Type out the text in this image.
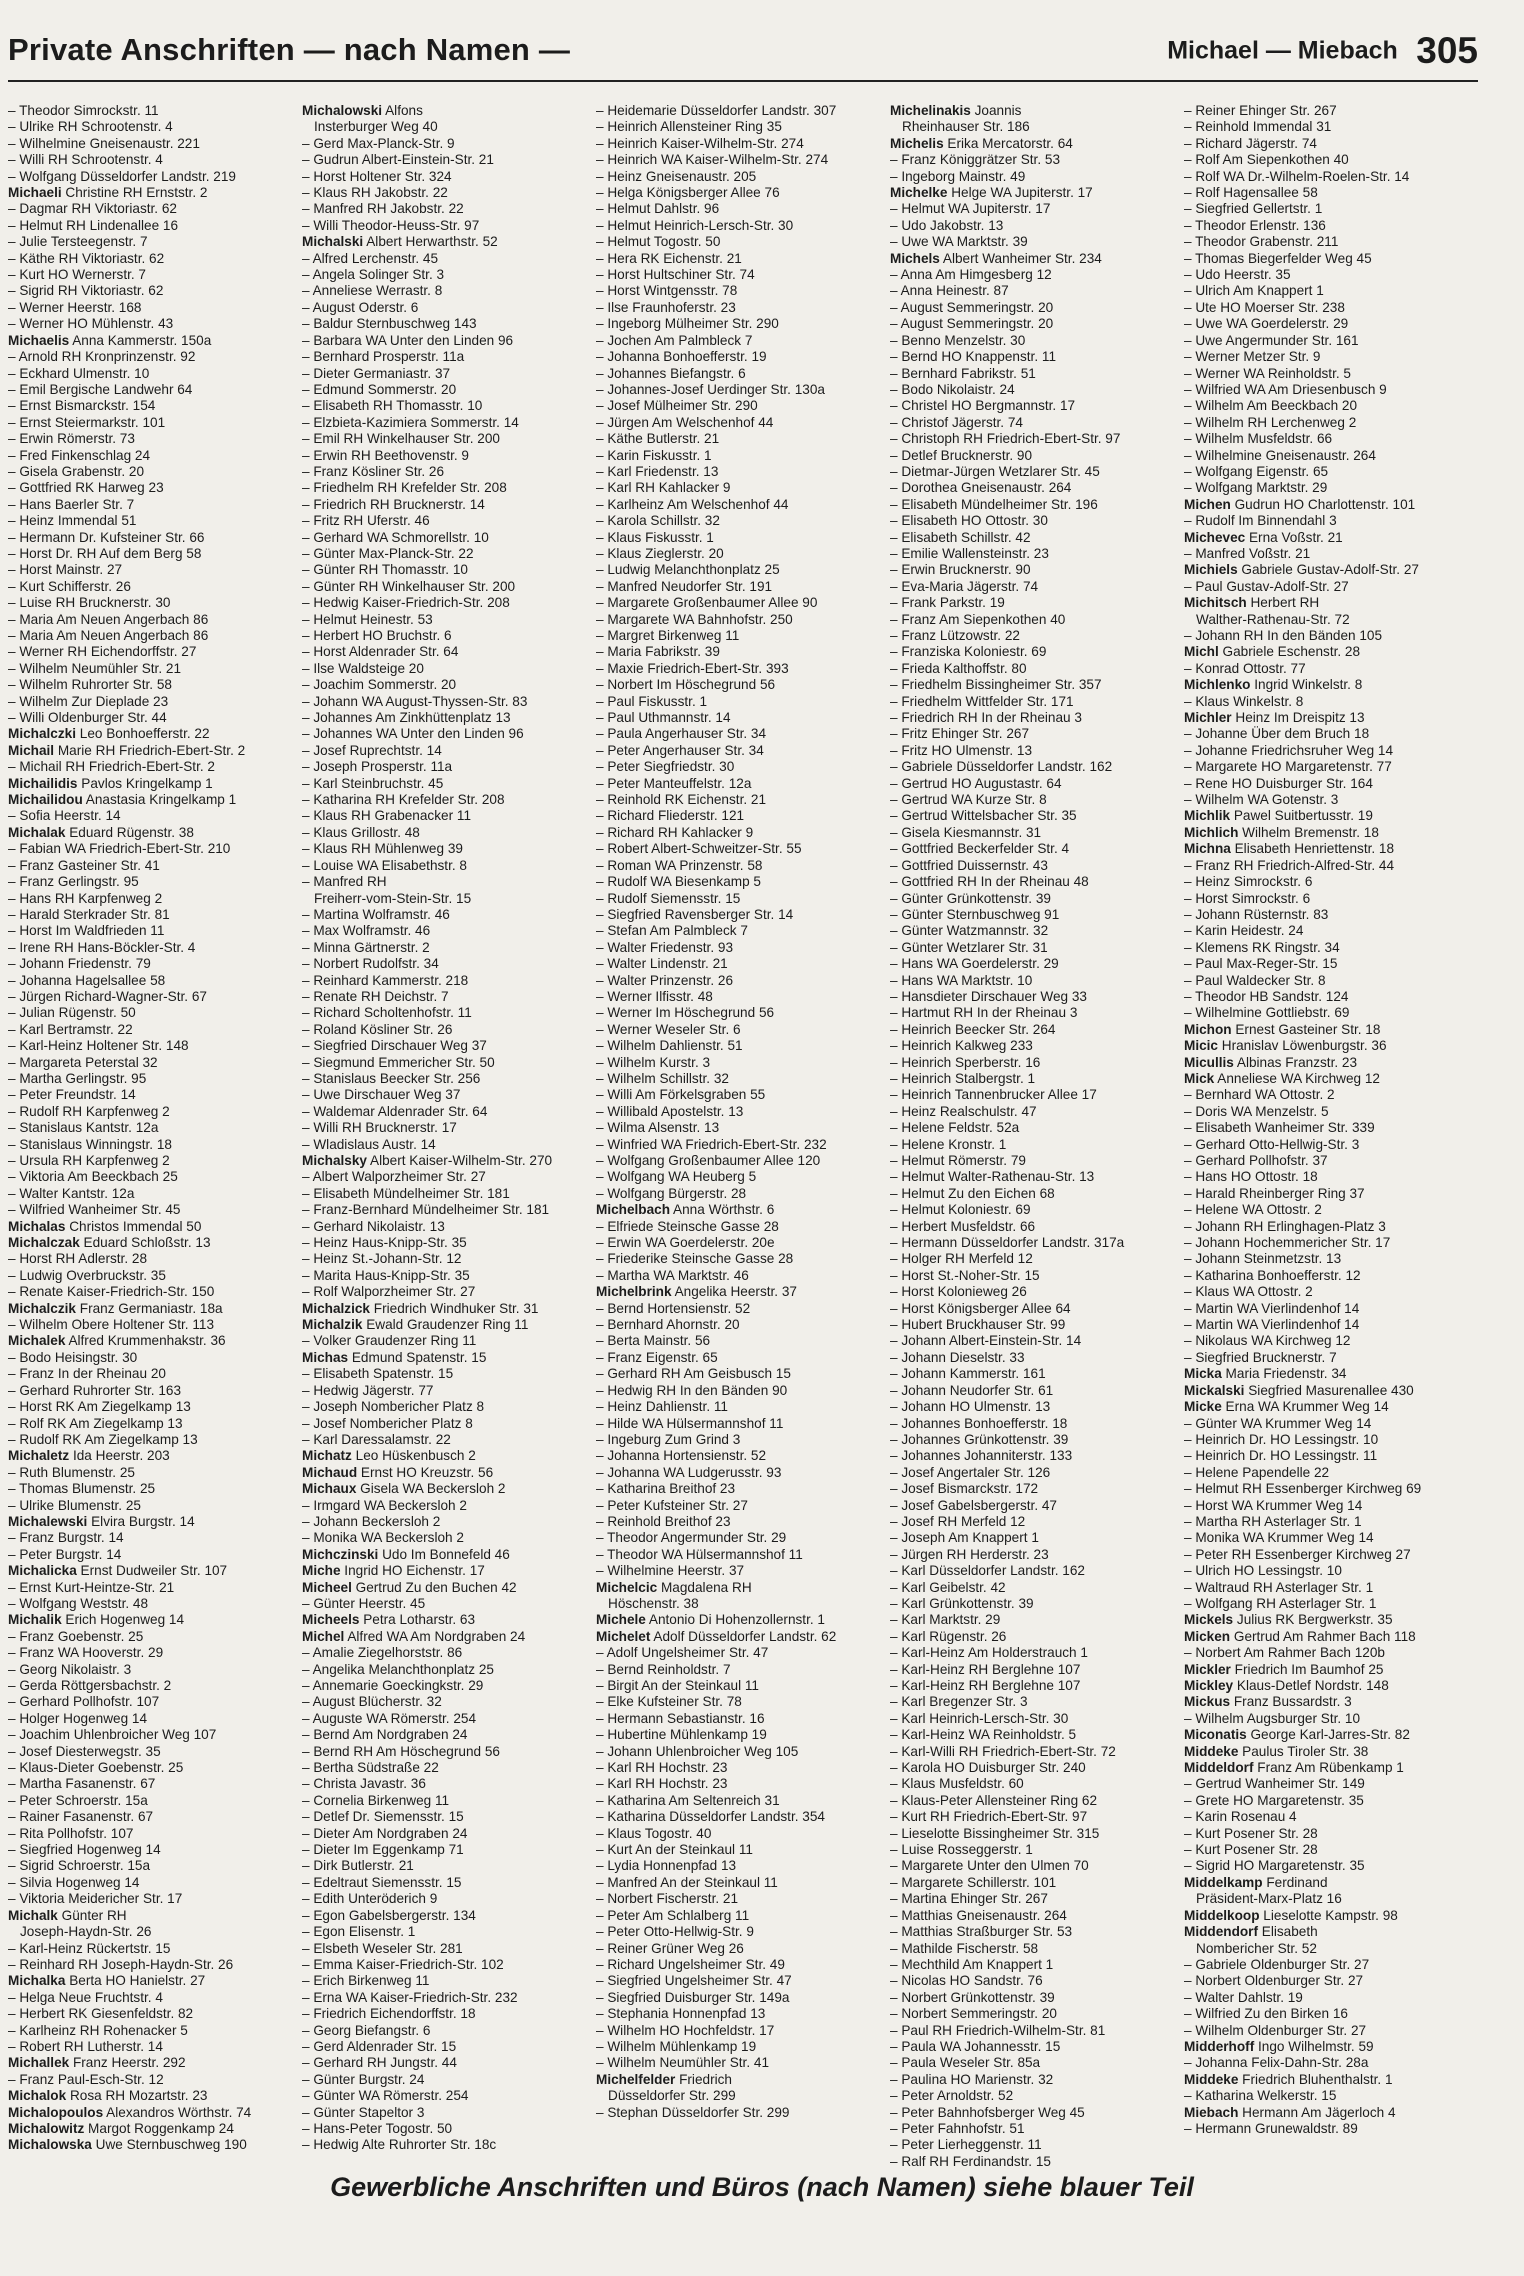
Private Anschriften — nach Namen —	Michael — Miebach 305
– Theodor Simrockstr. 11
– Ulrike RH Schrootenstr. 4
– Wilhelmine Gneisenaustr. 221
– Willi RH Schrootenstr. 4
– Wolfgang Düsseldorfer Landstr. 219
Michaeli Christine RH Ernststr. 2
– Dagmar RH Viktoriastr. 62
– Helmut RH Lindenallee 16
– Julie Tersteegenstr. 7
– Käthe RH Viktoriastr. 62
– Kurt HO Wernerstr. 7
– Sigrid RH Viktoriastr. 62
– Werner Heerstr. 168
– Werner HO Mühlenstr. 43
Michaelis Anna Kammerstr. 150a
– Arnold RH Kronprinzenstr. 92
– Eckhard Ulmenstr. 10
– Emil Bergische Landwehr 64
– Ernst Bismarckstr. 154
– Ernst Steiermarkstr. 101
– Erwin Römerstr. 73
– Fred Finkenschlag 24
– Gisela Grabenstr. 20
– Gottfried RK Harweg 23
– Hans Baerler Str. 7
– Heinz Immendal 51
– Hermann Dr. Kufsteiner Str. 66
– Horst Dr. RH Auf dem Berg 58
– Horst Mainstr. 27
– Kurt Schifferstr. 26
– Luise RH Brucknerstr. 30
– Maria Am Neuen Angerbach 86
– Maria Am Neuen Angerbach 86
– Werner RH Eichendorffstr. 27
– Wilhelm Neumühler Str. 21
– Wilhelm Ruhrorter Str. 58
– Wilhelm Zur Dieplade 23
– Willi Oldenburger Str. 44
Michalczki Leo Bonhoefferstr. 22
Michail Marie RH Friedrich-Ebert-Str. 2
– Michail RH Friedrich-Ebert-Str. 2
Michailidis Pavlos Kringelkamp 1
Michailidou Anastasia Kringelkamp 1
– Sofia Heerstr. 14
Michalak Eduard Rügenstr. 38
– Fabian WA Friedrich-Ebert-Str. 210
– Franz Gasteiner Str. 41
– Franz Gerlingstr. 95
– Hans RH Karpfenweg 2
– Harald Sterkrader Str. 81
– Horst Im Waldfrieden 11
– Irene RH Hans-Böckler-Str. 4
– Johann Friedenstr. 79
– Johanna Hagelsallee 58
– Jürgen Richard-Wagner-Str. 67
– Julian Rügenstr. 50
– Karl Bertramstr. 22
– Karl-Heinz Holtener Str. 148
– Margareta Peterstal 32
– Martha Gerlingstr. 95
– Peter Freundstr. 14
– Rudolf RH Karpfenweg 2
– Stanislaus Kantstr. 12a
– Stanislaus Winningstr. 18
– Ursula RH Karpfenweg 2
– Viktoria Am Beeckbach 25
– Walter Kantstr. 12a
– Wilfried Wanheimer Str. 45
Michalas Christos Immendal 50
Michalczak Eduard Schloßstr. 13
– Horst RH Adlerstr. 28
– Ludwig Overbruckstr. 35
– Renate Kaiser-Friedrich-Str. 150
Michalczik Franz Germaniastr. 18a
– Wilhelm Obere Holtener Str. 113
Michalek Alfred Krummenhakstr. 36
– Bodo Heisingstr. 30
– Franz In der Rheinau 20
– Gerhard Ruhrorter Str. 163
– Horst RK Am Ziegelkamp 13
– Rolf RK Am Ziegelkamp 13
– Rudolf RK Am Ziegelkamp 13
Michaletz Ida Heerstr. 203
– Ruth Blumenstr. 25
– Thomas Blumenstr. 25
– Ulrike Blumenstr. 25
Michalewski Elvira Burgstr. 14
– Franz Burgstr. 14
– Peter Burgstr. 14
Michalicka Ernst Dudweiler Str. 107
– Ernst Kurt-Heintze-Str. 21
– Wolfgang Weststr. 48
Michalik Erich Hogenweg 14
– Franz Goebenstr. 25
– Franz WA Hooverstr. 29
– Georg Nikolaistr. 3
– Gerda Röttgersbachstr. 2
– Gerhard Pollhofstr. 107
– Holger Hogenweg 14
– Joachim Uhlenbroicher Weg 107
– Josef Diesterwegstr. 35
– Klaus-Dieter Goebenstr. 25
– Martha Fasanenstr. 67
– Peter Schroerstr. 15a
– Rainer Fasanenstr. 67
– Rita Pollhofstr. 107
– Siegfried Hogenweg 14
– Sigrid Schroerstr. 15a
– Silvia Hogenweg 14
– Viktoria Meidericher Str. 17
Michalk Günter RH
Joseph-Haydn-Str. 26
– Karl-Heinz Rückertstr. 15
– Reinhard RH Joseph-Haydn-Str. 26
Michalka Berta HO Hanielstr. 27
– Helga Neue Fruchtstr. 4
– Herbert RK Giesenfeldstr. 82
– Karlheinz RH Rohenacker 5
– Robert RH Lutherstr. 14
Michallek Franz Heerstr. 292
– Franz Paul-Esch-Str. 12
Michalok Rosa RH Mozartstr. 23
Michalopoulos Alexandros Wörthstr. 74
Michalowitz Margot Roggenkamp 24
Michalowska Uwe Sternbuschweg 190
Michalowski Alfons
Insterburger Weg 40
– Gerd Max-Planck-Str. 9
– Gudrun Albert-Einstein-Str. 21
– Horst Holtener Str. 324
– Klaus RH Jakobstr. 22
– Manfred RH Jakobstr. 22
– Willi Theodor-Heuss-Str. 97
Michalski Albert Herwarthstr. 52
– Alfred Lerchenstr. 45
– Angela Solinger Str. 3
– Anneliese Werrastr. 8
– August Oderstr. 6
– Baldur Sternbuschweg 143
– Barbara WA Unter den Linden 96
– Bernhard Prosperstr. 11a
– Dieter Germaniastr. 37
– Edmund Sommerstr. 20
– Elisabeth RH Thomasstr. 10
– Elzbieta-Kazimiera Sommerstr. 14
– Emil RH Winkelhauser Str. 200
– Erwin RH Beethovenstr. 9
– Franz Kösliner Str. 26
– Friedhelm RH Krefelder Str. 208
– Friedrich RH Brucknerstr. 14
– Fritz RH Uferstr. 46
– Gerhard WA Schmorellstr. 10
– Günter Max-Planck-Str. 22
– Günter RH Thomasstr. 10
– Günter RH Winkelhauser Str. 200
– Hedwig Kaiser-Friedrich-Str. 208
– Helmut Heinestr. 53
– Herbert HO Bruchstr. 6
– Horst Aldenrader Str. 64
– Ilse Waldsteige 20
– Joachim Sommerstr. 20
– Johann WA August-Thyssen-Str. 83
– Johannes Am Zinkhüttenplatz 13
– Johannes WA Unter den Linden 96
– Josef Ruprechtstr. 14
– Joseph Prosperstr. 11a
– Karl Steinbruchstr. 45
– Katharina RH Krefelder Str. 208
– Klaus RH Grabenacker 11
– Klaus Grillostr. 48
– Klaus RH Mühlenweg 39
– Louise WA Elisabethstr. 8
– Manfred RH
Freiherr-vom-Stein-Str. 15
– Martina Wolframstr. 46
– Max Wolframstr. 46
– Minna Gärtnerstr. 2
– Norbert Rudolfstr. 34
– Reinhard Kammerstr. 218
– Renate RH Deichstr. 7
– Richard Scholtenhofstr. 11
– Roland Kösliner Str. 26
– Siegfried Dirschauer Weg 37
– Siegmund Emmericher Str. 50
– Stanislaus Beecker Str. 256
– Uwe Dirschauer Weg 37
– Waldemar Aldenrader Str. 64
– Willi RH Brucknerstr. 17
– Wladislaus Austr. 14
Michalsky Albert Kaiser-Wilhelm-Str. 270
– Albert Walporzheimer Str. 27
– Elisabeth Mündelheimer Str. 181
– Franz-Bernhard Mündelheimer Str. 181
– Gerhard Nikolaistr. 13
– Heinz Haus-Knipp-Str. 35
– Heinz St.-Johann-Str. 12
– Marita Haus-Knipp-Str. 35
– Rolf Walporzheimer Str. 27
Michalzick Friedrich Windhuker Str. 31
Michalzik Ewald Graudenzer Ring 11
– Volker Graudenzer Ring 11
Michas Edmund Spatenstr. 15
– Elisabeth Spatenstr. 15
– Hedwig Jägerstr. 77
– Joseph Nombericher Platz 8
– Josef Nombericher Platz 8
– Karl Daressalamstr. 22
Michatz Leo Hüskenbusch 2
Michaud Ernst HO Kreuzstr. 56
Michaux Gisela WA Beckersloh 2
– Irmgard WA Beckersloh 2
– Johann Beckersloh 2
– Monika WA Beckersloh 2
Michczinski Udo Im Bonnefeld 46
Miche Ingrid HO Eichenstr. 17
Micheel Gertrud Zu den Buchen 42
– Günter Heerstr. 45
Micheels Petra Lotharstr. 63
Michel Alfred WA Am Nordgraben 24
– Amalie Ziegelhorststr. 86
– Angelika Melanchthonplatz 25
– Annemarie Goeckingkstr. 29
– August Blücherstr. 32
– Auguste WA Römerstr. 254
– Bernd Am Nordgraben 24
– Bernd RH Am Höschegrund 56
– Bertha Südstraße 22
– Christa Javastr. 36
– Cornelia Birkenweg 11
– Detlef Dr. Siemensstr. 15
– Dieter Am Nordgraben 24
– Dieter Im Eggenkamp 71
– Dirk Butlerstr. 21
– Edeltraut Siemensstr. 15
– Edith Unteröderich 9
– Egon Gabelsbergerstr. 134
– Egon Elisenstr. 1
– Elsbeth Weseler Str. 281
– Emma Kaiser-Friedrich-Str. 102
– Erich Birkenweg 11
– Erna WA Kaiser-Friedrich-Str. 232
– Friedrich Eichendorffstr. 18
– Georg Biefangstr. 6
– Gerd Aldenrader Str. 15
– Gerhard RH Jungstr. 44
– Günter Burgstr. 24
– Günter WA Römerstr. 254
– Günter Stapeltor 3
– Hans-Peter Togostr. 50
– Hedwig Alte Ruhrorter Str. 18c
– Heidemarie Düsseldorfer Landstr. 307
– Heinrich Allensteiner Ring 35
– Heinrich Kaiser-Wilhelm-Str. 274
– Heinrich WA Kaiser-Wilhelm-Str. 274
– Heinz Gneisenaustr. 205
– Helga Königsberger Allee 76
– Helmut Dahlstr. 96
– Helmut Heinrich-Lersch-Str. 30
– Helmut Togostr. 50
– Hera RK Eichenstr. 21
– Horst Hultschiner Str. 74
– Horst Wintgensstr. 78
– Ilse Fraunhoferstr. 23
– Ingeborg Mülheimer Str. 290
– Jochen Am Palmbleck 7
– Johanna Bonhoefferstr. 19
– Johannes Biefangstr. 6
– Johannes-Josef Uerdinger Str. 130a
– Josef Mülheimer Str. 290
– Jürgen Am Welschenhof 44
– Käthe Butlerstr. 21
– Karin Fiskusstr. 1
– Karl Friedenstr. 13
– Karl RH Kahlacker 9
– Karlheinz Am Welschenhof 44
– Karola Schillstr. 32
– Klaus Fiskusstr. 1
– Klaus Zieglerstr. 20
– Ludwig Melanchthonplatz 25
– Manfred Neudorfer Str. 191
– Margarete Großenbaumer Allee 90
– Margarete WA Bahnhofstr. 250
– Margret Birkenweg 11
– Maria Fabrikstr. 39
– Maxie Friedrich-Ebert-Str. 393
– Norbert Im Höschegrund 56
– Paul Fiskusstr. 1
– Paul Uthmannstr. 14
– Paula Angerhauser Str. 34
– Peter Angerhauser Str. 34
– Peter Siegfriedstr. 30
– Peter Manteuffelstr. 12a
– Reinhold RK Eichenstr. 21
– Richard Fliederstr. 121
– Richard RH Kahlacker 9
– Robert Albert-Schweitzer-Str. 55
– Roman WA Prinzenstr. 58
– Rudolf WA Biesenkamp 5
– Rudolf Siemensstr. 15
– Siegfried Ravensberger Str. 14
– Stefan Am Palmbleck 7
– Walter Friedenstr. 93
– Walter Lindenstr. 21
– Walter Prinzenstr. 26
– Werner Ilfisstr. 48
– Werner Im Höschegrund 56
– Werner Weseler Str. 6
– Wilhelm Dahlienstr. 51
– Wilhelm Kurstr. 3
– Wilhelm Schillstr. 32
– Willi Am Förkelsgraben 55
– Willibald Apostelstr. 13
– Wilma Alsenstr. 13
– Winfried WA Friedrich-Ebert-Str. 232
– Wolfgang Großenbaumer Allee 120
– Wolfgang WA Heuberg 5
– Wolfgang Bürgerstr. 28
Michelbach Anna Wörthstr. 6
– Elfriede Steinsche Gasse 28
– Erwin WA Goerdelerstr. 20e
– Friederike Steinsche Gasse 28
– Martha WA Marktstr. 46
Michelbrink Angelika Heerstr. 37
– Bernd Hortensienstr. 52
– Bernhard Ahornstr. 20
– Berta Mainstr. 56
– Franz Eigenstr. 65
– Gerhard RH Am Geisbusch 15
– Hedwig RH In den Bänden 90
– Heinz Dahlienstr. 11
– Hilde WA Hülsermannshof 11
– Ingeburg Zum Grind 3
– Johanna Hortensienstr. 52
– Johanna WA Ludgerusstr. 93
– Katharina Breithof 23
– Peter Kufsteiner Str. 27
– Reinhold Breithof 23
– Theodor Angermunder Str. 29
– Theodor WA Hülsermannshof 11
– Wilhelmine Heerstr. 37
Michelcic Magdalena RH
Höschenstr. 38
Michele Antonio Di Hohenzollernstr. 1
Michelet Adolf Düsseldorfer Landstr. 62
– Adolf Ungelsheimer Str. 47
– Bernd Reinholdstr. 7
– Birgit An der Steinkaul 11
– Elke Kufsteiner Str. 78
– Hermann Sebastianstr. 16
– Hubertine Mühlenkamp 19
– Johann Uhlenbroicher Weg 105
– Karl RH Hochstr. 23
– Karl RH Hochstr. 23
– Katharina Am Seltenreich 31
– Katharina Düsseldorfer Landstr. 354
– Klaus Togostr. 40
– Kurt An der Steinkaul 11
– Lydia Honnenpfad 13
– Manfred An der Steinkaul 11
– Norbert Fischerstr. 21
– Peter Am Schlalberg 11
– Peter Otto-Hellwig-Str. 9
– Reiner Grüner Weg 26
– Richard Ungelsheimer Str. 49
– Siegfried Ungelsheimer Str. 47
– Siegfried Duisburger Str. 149a
– Stephania Honnenpfad 13
– Wilhelm HO Hochfeldstr. 17
– Wilhelm Mühlenkamp 19
– Wilhelm Neumühler Str. 41
Michelfelder Friedrich
Düsseldorfer Str. 299
– Stephan Düsseldorfer Str. 299
Michelinakis Joannis
Rheinhauser Str. 186
Michelis Erika Mercatorstr. 64
– Franz Königgrätzer Str. 53
– Ingeborg Mainstr. 49
Michelke Helge WA Jupiterstr. 17
– Helmut WA Jupiterstr. 17
– Udo Jakobstr. 13
– Uwe WA Marktstr. 39
Michels Albert Wanheimer Str. 234
– Anna Am Himgesberg 12
– Anna Heinestr. 87
– August Semmeringstr. 20
– August Semmeringstr. 20
– Benno Menzelstr. 30
– Bernd HO Knappenstr. 11
– Bernhard Fabrikstr. 51
– Bodo Nikolaistr. 24
– Christel HO Bergmannstr. 17
– Christof Jägerstr. 74
– Christoph RH Friedrich-Ebert-Str. 97
– Detlef Brucknerstr. 90
– Dietmar-Jürgen Wetzlarer Str. 45
– Dorothea Gneisenaustr. 264
– Elisabeth Mündelheimer Str. 196
– Elisabeth HO Ottostr. 30
– Elisabeth Schillstr. 42
– Emilie Wallensteinstr. 23
– Erwin Brucknerstr. 90
– Eva-Maria Jägerstr. 74
– Frank Parkstr. 19
– Franz Am Siepenkothen 40
– Franz Lützowstr. 22
– Franziska Koloniestr. 69
– Frieda Kalthoffstr. 80
– Friedhelm Bissingheimer Str. 357
– Friedhelm Wittfelder Str. 171
– Friedrich RH In der Rheinau 3
– Fritz Ehinger Str. 267
– Fritz HO Ulmenstr. 13
– Gabriele Düsseldorfer Landstr. 162
– Gertrud HO Augustastr. 64
– Gertrud WA Kurze Str. 8
– Gertrud Wittelsbacher Str. 35
– Gisela Kiesmannstr. 31
– Gottfried Beckerfelder Str. 4
– Gottfried Duissernstr. 43
– Gottfried RH In der Rheinau 48
– Günter Grünkottenstr. 39
– Günter Sternbuschweg 91
– Günter Watzmannstr. 32
– Günter Wetzlarer Str. 31
– Hans WA Goerdelerstr. 29
– Hans WA Marktstr. 10
– Hansdieter Dirschauer Weg 33
– Hartmut RH In der Rheinau 3
– Heinrich Beecker Str. 264
– Heinrich Kalkweg 233
– Heinrich Sperberstr. 16
– Heinrich Stalbergstr. 1
– Heinrich Tannenbrucker Allee 17
– Heinz Realschulstr. 47
– Helene Feldstr. 52a
– Helene Kronstr. 1
– Helmut Römerstr. 79
– Helmut Walter-Rathenau-Str. 13
– Helmut Zu den Eichen 68
– Helmut Koloniestr. 69
– Herbert Musfeldstr. 66
– Hermann Düsseldorfer Landstr. 317a
– Holger RH Merfeld 12
– Horst St.-Noher-Str. 15
– Horst Kolonieweg 26
– Horst Königsberger Allee 64
– Hubert Bruckhauser Str. 99
– Johann Albert-Einstein-Str. 14
– Johann Dieselstr. 33
– Johann Kammerstr. 161
– Johann Neudorfer Str. 61
– Johann HO Ulmenstr. 13
– Johannes Bonhoefferstr. 18
– Johannes Grünkottenstr. 39
– Johannes Johanniterstr. 133
– Josef Angertaler Str. 126
– Josef Bismarckstr. 172
– Josef Gabelsbergerstr. 47
– Josef RH Merfeld 12
– Joseph Am Knappert 1
– Jürgen RH Herderstr. 23
– Karl Düsseldorfer Landstr. 162
– Karl Geibelstr. 42
– Karl Grünkottenstr. 39
– Karl Marktstr. 29
– Karl Rügenstr. 26
– Karl-Heinz Am Holderstrauch 1
– Karl-Heinz RH Berglehne 107
– Karl-Heinz RH Berglehne 107
– Karl Bregenzer Str. 3
– Karl Heinrich-Lersch-Str. 30
– Karl-Heinz WA Reinholdstr. 5
– Karl-Willi RH Friedrich-Ebert-Str. 72
– Karola HO Duisburger Str. 240
– Klaus Musfeldstr. 60
– Klaus-Peter Allensteiner Ring 62
– Kurt RH Friedrich-Ebert-Str. 97
– Lieselotte Bissingheimer Str. 315
– Luise Rosseggerstr. 1
– Margarete Unter den Ulmen 70
– Margarete Schillerstr. 101
– Martina Ehinger Str. 267
– Matthias Gneisenaustr. 264
– Matthias Straßburger Str. 53
– Mathilde Fischerstr. 58
– Mechthild Am Knappert 1
– Nicolas HO Sandstr. 76
– Norbert Grünkottenstr. 39
– Norbert Semmeringstr. 20
– Paul RH Friedrich-Wilhelm-Str. 81
– Paula WA Johannesstr. 15
– Paula Weseler Str. 85a
– Paulina HO Marienstr. 32
– Peter Arnoldstr. 52
– Peter Bahnhofsberger Weg 45
– Peter Fahnhofstr. 51
– Peter Lierheggenstr. 11
– Ralf RH Ferdinandstr. 15
– Reiner Ehinger Str. 267
– Reinhold Immendal 31
– Richard Jägerstr. 74
– Rolf Am Siepenkothen 40
– Rolf WA Dr.-Wilhelm-Roelen-Str. 14
– Rolf Hagensallee 58
– Siegfried Gellertstr. 1
– Theodor Erlenstr. 136
– Theodor Grabenstr. 211
– Thomas Biegerfelder Weg 45
– Udo Heerstr. 35
– Ulrich Am Knappert 1
– Ute HO Moerser Str. 238
– Uwe WA Goerdelerstr. 29
– Uwe Angermunder Str. 161
– Werner Metzer Str. 9
– Werner WA Reinholdstr. 5
– Wilfried WA Am Driesenbusch 9
– Wilhelm Am Beeckbach 20
– Wilhelm RH Lerchenweg 2
– Wilhelm Musfeldstr. 66
– Wilhelmine Gneisenaustr. 264
– Wolfgang Eigenstr. 65
– Wolfgang Marktstr. 29
Michen Gudrun HO Charlottenstr. 101
– Rudolf Im Binnendahl 3
Michevec Erna Voßstr. 21
– Manfred Voßstr. 21
Michiels Gabriele Gustav-Adolf-Str. 27
– Paul Gustav-Adolf-Str. 27
Michitsch Herbert RH
Walther-Rathenau-Str. 72
– Johann RH In den Bänden 105
Michl Gabriele Eschenstr. 28
– Konrad Ottostr. 77
Michlenko Ingrid Winkelstr. 8
– Klaus Winkelstr. 8
Michler Heinz Im Dreispitz 13
– Johanne Über dem Bruch 18
– Johanne Friedrichsruher Weg 14
– Margarete HO Margaretenstr. 77
– Rene HO Duisburger Str. 164
– Wilhelm WA Gotenstr. 3
Michlik Pawel Suitbertusstr. 19
Michlich Wilhelm Bremenstr. 18
Michna Elisabeth Henriettenstr. 18
– Franz RH Friedrich-Alfred-Str. 44
– Heinz Simrockstr. 6
– Horst Simrockstr. 6
– Johann Rüsternstr. 83
– Karin Heidestr. 24
– Klemens RK Ringstr. 34
– Paul Max-Reger-Str. 15
– Paul Waldecker Str. 8
– Theodor HB Sandstr. 124
– Wilhelmine Gottliebstr. 69
Michon Ernest Gasteiner Str. 18
Micic Hranislav Löwenburgstr. 36
Micullis Albinas Franzstr. 23
Mick Anneliese WA Kirchweg 12
– Bernhard WA Ottostr. 2
– Doris WA Menzelstr. 5
– Elisabeth Wanheimer Str. 339
– Gerhard Otto-Hellwig-Str. 3
– Gerhard Pollhofstr. 37
– Hans HO Ottostr. 18
– Harald Rheinberger Ring 37
– Helene WA Ottostr. 2
– Johann RH Erlinghagen-Platz 3
– Johann Hochemmericher Str. 17
– Johann Steinmetzstr. 13
– Katharina Bonhoefferstr. 12
– Klaus WA Ottostr. 2
– Martin WA Vierlindenhof 14
– Martin WA Vierlindenhof 14
– Nikolaus WA Kirchweg 12
– Siegfried Brucknerstr. 7
Micka Maria Friedenstr. 34
Mickalski Siegfried Masurenallee 430
Micke Erna WA Krummer Weg 14
– Günter WA Krummer Weg 14
– Heinrich Dr. HO Lessingstr. 10
– Heinrich Dr. HO Lessingstr. 11
– Helene Papendelle 22
– Helmut RH Essenberger Kirchweg 69
– Horst WA Krummer Weg 14
– Martha RH Asterlager Str. 1
– Monika WA Krummer Weg 14
– Peter RH Essenberger Kirchweg 27
– Ulrich HO Lessingstr. 10
– Waltraud RH Asterlager Str. 1
– Wolfgang RH Asterlager Str. 1
Mickels Julius RK Bergwerkstr. 35
Micken Gertrud Am Rahmer Bach 118
– Norbert Am Rahmer Bach 120b
Mickler Friedrich Im Baumhof 25
Mickley Klaus-Detlef Nordstr. 148
Mickus Franz Bussardstr. 3
– Wilhelm Augsburger Str. 10
Miconatis George Karl-Jarres-Str. 82
Middeke Paulus Tiroler Str. 38
Middeldorf Franz Am Rübenkamp 1
– Gertrud Wanheimer Str. 149
– Grete HO Margaretenstr. 35
– Karin Rosenau 4
– Kurt Posener Str. 28
– Kurt Posener Str. 28
– Sigrid HO Margaretenstr. 35
Middelkamp Ferdinand
Präsident-Marx-Platz 16
Middelkoop Lieselotte Kampstr. 98
Middendorf Elisabeth
Nombericher Str. 52
– Gabriele Oldenburger Str. 27
– Norbert Oldenburger Str. 27
– Walter Dahlstr. 19
– Wilfried Zu den Birken 16
– Wilhelm Oldenburger Str. 27
Midderhoff Ingo Wilhelmstr. 59
– Johanna Felix-Dahn-Str. 28a
Middeke Friedrich Bluhenthalstr. 1
– Katharina Welkerstr. 15
Miebach Hermann Am Jägerloch 4
– Hermann Grunewaldstr. 89
Gewerbliche Anschriften und Büros (nach Namen) siehe blauer Teil
